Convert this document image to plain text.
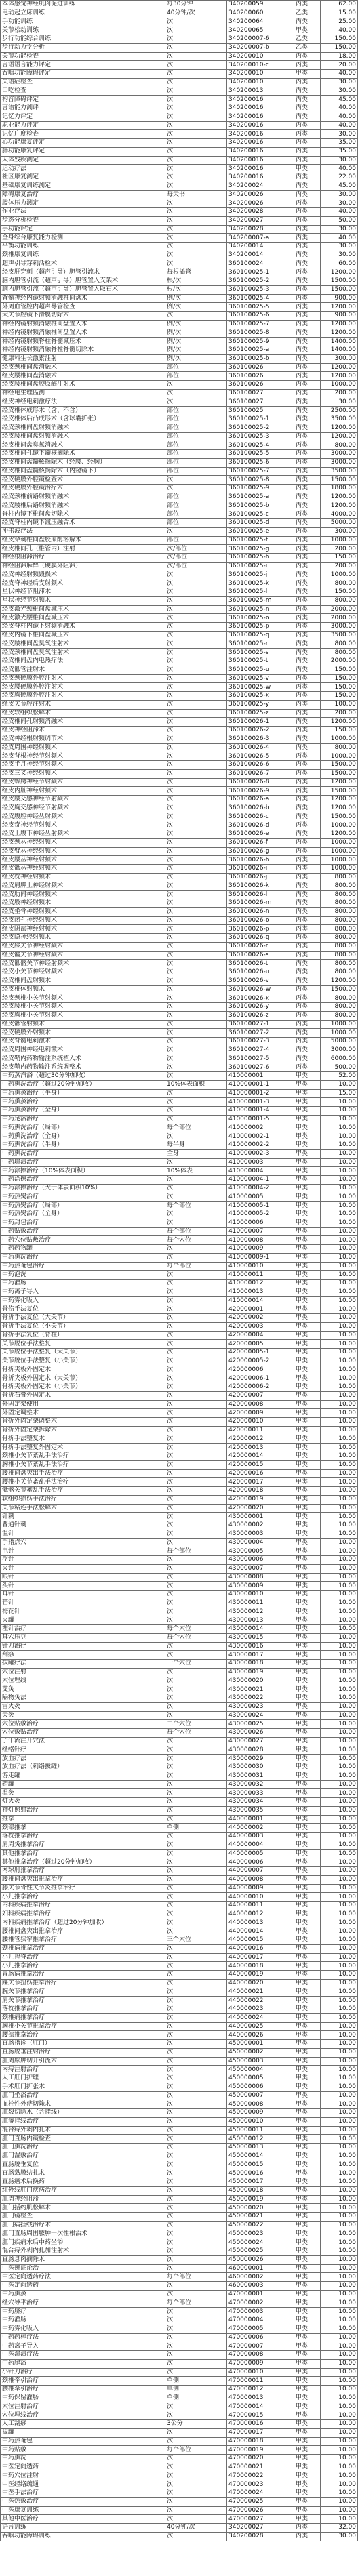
本体感觉神经肌肉促进训练	每30分钟	340200059	丙类	62.00
电动起立床训练	40分钟/次	340200060	乙类	15.00
手功能训练	次	340200064	丙类	25.00
关节松动训练	次	340200065	甲类	40.00
步行功能综合训练	次	340200007-6	乙类	150.00
步行动力学分析	次	340200007-b	乙类	150.00
关节功能检查	次	340200010	丙类	18.00
言语语言能力评定	次	340200010-c	丙类	20.00
吞咽功能障碍评定	次	340200010	甲类	40.00
失语症检查	次	340200010	丙类	30.00
口吃检查	次	340200013	丙类	30.00
构音障碍评定	次	340200016	丙类	45.00
言语能力测评	次	340200016	丙类	40.00
记忆力评定	次	340200016	丙类	40.00
职业能力评定	次	340200016	丙类	40.00
记忆广度检查	次	340200016	丙类	30.00
心功能康复评定	次	340200016	丙类	35.00
肺功能康复评定	次	340200016	丙类	35.00
人体残疾测定	次	340200016	丙类	30.00
运动疗法	次	340200016	甲类	40.00
社区康复测定	次	340200016	丙类	22.00
基础康复训练测定	次	340200024	丙类	45.00
障碍康复治疗	每天书	340200026	丙类	30.00
肢体压力测定	次	340200026	丙类	30.00
作业疗法	次	340200028	丙类	40.00
步态分析检查	次	340200027	丙类	50.00
手功能评定	次	340200028	丙类	30.00
全身综合康复能力检测	次	340200007-a	丙类	40.00
平衡功能训练	次	340200014	丙类	30.00
颈椎康复训练	次	340200014	丙类	30.00
超声引导穿刺活检术	次	360100024	丙类	60.00
经皮肝穿刺（超声引导）胆管引流术	每根插管	360100025-1	丙类	1200.00
脑内胆管引流（超声引导）胆管置入支架术	根/次	360100025-2	丙类	1500.00
脑内胆管引流（超声引导）胆管置入取石术	根/次	360100025-3	丙类	1500.00
背髓神经内镜射频消融椎间盘术	例/次	360100025-4	丙类	900.00
外周血管腔内超声导管检查	例/次	360100025-5	丙类	1200.00
大关节腔镜下滑膜切除术	次	360100025-6	丙类	900.00
神经内镜射频消融椎间盘置入术	例/次	360100025-7	丙类	1200.00
神经内镜射频消融椎间盘置入术	例/次	360100025-8	丙类	1200.00
神经内镜射频脊柱脊髓减压术	例/次	360100025-9	丙类	1400.00
神经内镜射频消融脊柱脊髓切除术	例/次	360100025-a	丙类	1400.00
健康科生长激素注射	例/次	360100025-b	丙类	300.00
经皮颈椎间盘消融术	部位	360100026	丙类	1200.00
经皮腰椎间盘消融术	部位	360100026	丙类	1200.00
经皮腰椎间盘胶原酶注射术	次	360100026	丙类	1000.00
神经电生理监测	次	360100027	丙类	200.00
经皮神经电刺激疗法	次	360100027	丙类	30.00
经皮椎体成形术（含、不含）	部位	360100025	丙类	2500.00
经皮椎体后凸成形术（含球囊扩张）	部位	360100025-1	丙类	3500.00
经皮颈椎间盘射频消融术	部位	360100025-2	丙类	1200.00
经皮腰椎间盘射频消融术	部位	360100025-3	丙类	1200.00
经皮椎间盘臭氧消融术	部位	360100025-4	丙类	800.00
经皮椎间孔镜下髓核摘除术	部位	360100025-5	丙类	3000.00
经皮椎间盘髓核摘除术（经腰、经胸）	部位	360100025-6	丙类	3000.00
经皮椎间盘髓核摘除术（内窥镜下）	部位	360100025-7	丙类	3500.00
经皮硬膜外腔镜检查术	次	360100025-8	丙类	1500.00
经皮硬膜外腔镜治疗术	次	360100025-9	丙类	1800.00
经皮颈椎前路射频消融术	部位	360100025-a	丙类	1200.00
经皮腰椎后路射频消融术	部位	360100025-b	丙类	1200.00
脊柱内镜下椎间盘切除术	部位	360100025-c	丙类	4000.00
经皮脊柱内镜下减压融合术	部位	360100025-d	丙类	5000.00
冲击波疗法	次	360100025-e	丙类	300.00
经皮穿刺椎间盘胶原酶溶解术	部位	360100025-f	丙类	1000.00
经皮椎间孔（椎管内）注射	次/部位	360100025-g	丙类	200.00
神经根阻滞治疗	次/部位	360100025-h	丙类	150.00
神经阻滞麻醉（硬膜外阻滞）	次/部位	360100025-i	丙类	200.00
经皮神经射频毁损术	次	360100025-j	丙类	1000.00
经皮脊神经后支射频术	次	360100025-k	丙类	800.00
星状神经节阻滞术	次	360100025-l	丙类	150.00
星状神经节射频术	次	360100025-m	丙类	800.00
经皮激光颈椎间盘减压术	次	360100025-n	丙类	2000.00
经皮激光腰椎间盘减压术	次	360100025-o	丙类	2000.00
经皮脊柱内镜下射频消融术	次	360100025-p	丙类	3000.00
经皮内镜下椎间盘减压术	次	360100025-q	丙类	3500.00
经皮腰椎间盘臭氧注射术	次	360100025-r	丙类	800.00
经皮颈椎间盘臭氧注射术	次	360100025-s	丙类	800.00
经皮椎间盘内电热疗法	次	360100025-t	丙类	2000.00
经皮骶管注射术	次	360100025-u	丙类	150.00
经皮颈硬膜外腔注射术	次	360100025-v	丙类	150.00
经皮腰硬膜外腔注射术	次	360100025-w	丙类	150.00
经皮胸硬膜外腔注射术	次	360100025-x	丙类	150.00
经皮关节腔注射术	次	360100025-y	丙类	100.00
经皮软组织松解术	次	360100025-z	丙类	200.00
经皮椎间孔射频消融术	次	360100026-1	丙类	1200.00
经皮神经阻滞术	次	360100026-2	丙类	150.00
经皮神经根射频调节术	次	360100026-3	丙类	1000.00
经皮周围神经射频术	次	360100026-4	丙类	800.00
经皮背根神经节射频术	次	360100026-5	丙类	1000.00
经皮半月神经节射频术	次	360100026-6	丙类	1500.00
经皮三叉神经射频术	次	360100026-7	丙类	1500.00
经皮蝶腭神经节射频术	次	360100026-8	丙类	1200.00
经皮内脏神经射频术	次	360100026-9	丙类	1500.00
经皮腰交感神经节射频术	次	360100026-a	丙类	1200.00
经皮胸交感神经节射频术	次	360100026-b	丙类	1200.00
经皮腹腔神经丛射频术	次	360100026-c	丙类	1500.00
经皮奇神经节射频术	次	360100026-d	丙类	1000.00
经皮上腹下神经丛射频术	次	360100026-e	丙类	1200.00
经皮颈丛神经射频术	次	360100026-f	丙类	1000.00
经皮臂丛神经射频术	次	360100026-g	丙类	1000.00
经皮腰丛神经射频术	次	360100026-h	丙类	1000.00
经皮骶丛神经射频术	次	360100026-i	丙类	1000.00
经皮枕神经射频术	次	360100026-j	丙类	800.00
经皮肩胛上神经射频术	次	360100026-k	丙类	800.00
经皮肋间神经射频术	次	360100026-l	丙类	800.00
经皮股神经射频术	次	360100026-m	丙类	800.00
经皮坐骨神经射频术	次	360100026-n	丙类	800.00
经皮闭孔神经射频术	次	360100026-o	丙类	800.00
经皮阴部神经射频术	次	360100026-p	丙类	800.00
经皮隐神经射频术	次	360100026-q	丙类	800.00
经皮膝关节神经射频术	次	360100026-r	丙类	800.00
经皮髋关节神经射频术	次	360100026-s	丙类	800.00
经皮骶髂关节神经射频术	次	360100026-t	丙类	800.00
经皮小关节神经射频术	次	360100026-u	丙类	800.00
经皮椎间盘射频术	次	360100026-v	丙类	1200.00
经皮椎体射频术	次	360100026-w	丙类	1500.00
经皮颈椎小关节射频术	次	360100026-x	丙类	800.00
经皮腰椎小关节射频术	次	360100026-y	丙类	800.00
经皮胸椎小关节射频术	次	360100026-z	丙类	800.00
经皮骶管射频术	次	360100027-1	丙类	1000.00
经皮硬膜外射频术	次	360100027-2	丙类	1000.00
经皮脊髓电刺激术	次	360100027-3	丙类	5000.00
经皮周围神经电刺激术	次	360100027-4	丙类	3000.00
经皮鞘内药物输注系统植入术	次	360100027-5	丙类	6000.00
经皮鞘内药物输注系统调整术	次	360100027-6	丙类	500.00
中药蒸汽浴（超过30分钟加收）	次	410000001	甲类	52.00
中药熏洗治疗（超过20分钟加收）	10%体表面积	410000001-1	甲类	10.00
中药熏蒸治疗（半身）	次	410000001-2	甲类	15.00
中药熏蒸治疗	次	410000001-3	甲类	10.00
中药熏蒸治疗（全身）	次	410000001-4	甲类	10.00
中药足浴治疗	次	410000001-5	甲类	10.00
中药熏洗治疗（局部）	每个部位	410000002	甲类	10.00
中药熏洗治疗（全身）	次	410000002-1	甲类	10.00
中药熏洗治疗（半身）	每半身	410000002-2	甲类	10.00
中药熏洗治疗	全身	410000002-3	甲类	10.00
中药塌渍治疗	次	410000003	甲类	10.00
中药涂擦治疗（10%体表面积）	10%体表	410000004	甲类	10.00
中药涂擦治疗	次	410000004-1	甲类	10.00
中药涂擦治疗（大于体表面积10%）	次	410000004-2	甲类	10.00
中药热熨治疗	次	410000005	甲类	10.00
中药热熨治疗（局部）	每个部位	410000005-1	甲类	10.00
中药热熨治疗（全身）	次	410000005-2	甲类	10.00
中药封包治疗	次	410000006	甲类	10.00
中药贴敷治疗	每个部位	410000007	甲类	10.00
中药穴位贴敷治疗	每个穴位	410000008	甲类	10.00
中药药物罐	次	410000009	甲类	10.00
中药熏洗治疗	次	410000009-1	甲类	10.00
中药热奄包治疗	每个部位	410000010	甲类	10.00
中药泡洗	次	410000011	甲类	10.00
中药灌肠	次	410000012	甲类	10.00
中药离子导入	次	410000013	甲类	10.00
中药雾化吸入	次	410000014	甲类	10.00
骨伤手法复位	次	420000001	甲类	10.00
骨折手法复位（大关节）	次	420000002	甲类	10.00
骨折手法复位（小关节）	次	420000003	甲类	10.00
骨折手法复位（脊柱）	次	420000004	甲类	10.00
关节脱位手法整复	次	420000005	甲类	10.00
关节脱位手法整复（大关节）	次	420000005-1	甲类	10.00
关节脱位手法整复（小关节）	次	420000005-2	甲类	10.00
骨折夹板外固定术	次	420000006	甲类	10.00
骨折夹板外固定术（大关节）	次	420000006-1	甲类	10.00
骨折夹板外固定术（小关节）	次	420000006-2	甲类	10.00
骨折石膏外固定术	次	420000007	甲类	10.00
外固定架使用	次	420000008	甲类	10.00
外固定调整术	次	420000009	甲类	10.00
骨折外固定架调整术	次	420000010	甲类	10.00
骨折外固定架拆除术	次	420000011	甲类	10.00
骨折手法整复术	次	420000012	甲类	10.00
骨折手法整复外固定术	次	420000013	甲类	10.00
颈椎小关节紊乱手法治疗	次	420000014	甲类	10.00
胸椎小关节紊乱手法治疗	次	420000015	甲类	10.00
腰椎间盘突出手法治疗	次	420000016	甲类	10.00
腰椎小关节紊乱手法治疗	次	420000017	甲类	10.00
骶髂关节紊乱手法治疗	次	420000018	甲类	10.00
软组织损伤手法治疗	次	420000019	甲类	10.00
关节粘连手法松解术	次	420000020	甲类	10.00
针刺	次	430000001	甲类	10.00
普通针刺	次	430000002	甲类	10.00
温针	次	430000003	甲类	10.00
手指点穴	次	430000004	甲类	10.00
电针	每个部位	430000005	甲类	10.00
浮针	次	430000006	甲类	10.00
火针	次	430000007	甲类	10.00
眼针	次	430000008	甲类	10.00
头针	次	430000009	甲类	10.00
耳针	次	430000010	甲类	10.00
芒针	次	430000011	甲类	10.00
梅花针	次	430000012	甲类	10.00
火罐	次	430000013	甲类	10.00
埋针治疗	每个穴位	430000014	甲类	10.00
耳穴压豆	每个穴位	430000015	甲类	10.00
针刀治疗	次	430000016	甲类	10.00
刮痧	次	430000017	甲类	10.00
拔罐疗法	一个穴位	430000018	甲类	10.00
穴位注射	次	430000019	甲类	10.00
穴位埋线	次	430000020	甲类	10.00
艾灸	次	430000021	甲类	10.00
隔物灸法	次	430000022	甲类	10.00
雷火灸	次	430000023	甲类	10.00
天灸	次	430000024	甲类	10.00
穴位贴敷治疗	二个穴位	430000025	甲类	10.00
穴位敷贴治疗	每个穴位	430000026	甲类	10.00
子午流注开穴法	次	430000027	甲类	10.00
经络针疗	次	430000028	甲类	10.00
放血疗法	次	430000029	甲类	10.00
放血疗法（刺络拔罐）	次	430000030	甲类	10.00
游走罐	次	430000031	甲类	10.00
药罐	次	430000032	甲类	10.00
温灸	次	430000033	甲类	10.00
灯火灸	次	430000034	甲类	10.00
神灯照射治疗	次	430000035	甲类	10.00
推拿	次	440000001	甲类	10.00
颈部推拿	单侧	440000002	甲类	10.00
落枕推拿治疗	次	440000003	甲类	10.00
肩周炎推拿治疗	次	440000004	甲类	10.00
其他推拿治疗	次	440000005	甲类	10.00
其他推拿治疗（超过20分钟加收）	次	440000006	甲类	10.00
网球肘推拿治疗	次	440000007	甲类	10.00
腰椎间盘突出推拿治疗	次	440000008	甲类	10.00
膝关节骨性关节炎推拿治疗	次	440000009	甲类	10.00
小儿推拿治疗	次	440000010	甲类	10.00
内科疾病推拿治疗	次	440000011	甲类	10.00
妇科疾病推拿治疗	次	440000012	甲类	10.00
内科疾病推拿治疗（超过20分钟加收）	次	440000013	甲类	10.00
腰椎间盘突出推拿治疗	次	440000014	甲类	10.00
腰椎管狭窄推拿治疗	三个穴位	440000015	甲类	10.00
颈椎病推拿治疗	次	440000016	甲类	10.00
小儿捏脊治疗	次	440000017	甲类	10.00
小儿推拿治疗	次	440000018	甲类	10.00
胃肠病推拿治疗	次	440000019	甲类	10.00
踝关节扭伤推拿治疗	次	440000020	甲类	10.00
腕关节推拿治疗	次	440000021	甲类	10.00
肩关节推拿治疗	次	440000022	甲类	10.00
落枕推拿治疗	次	440000023	甲类	10.00
颈椎病推拿治疗	次	440000024	甲类	10.00
胸椎小关节推拿治疗	次	440000025	甲类	10.00
腰部推拿治疗	次	440000026	甲类	10.00
直肠指诊（肛门）	次	450000001	甲类	10.00
直肠脱垂注射治疗	次	450000002	甲类	10.00
肛周脓肿切开引流术	次	450000003	甲类	10.00
内痔注射治疗	次	450000004	甲类	10.00
人工肛门护理	次	450000005	甲类	10.00
手术肛门扩张术	次	450000006	甲类	10.00
肛门坐浴治疗	次	450000007	甲类	10.00
血栓性外痔切除术	次	450000008	甲类	10.00
肛裂切除术（含挂线）	次	450000009	甲类	10.00
肛瘘挂线治疗	次	450000010	甲类	10.00
混合痔外剥内扎术	次	450000011	甲类	10.00
肛门直肠内镜检查	次	450000012	甲类	10.00
肛门熏洗治疗	次	450000013	甲类	10.00
肛门湿敷治疗	次	450000014	甲类	10.00
直肠脱垂复位	次	450000015	甲类	10.00
直肠黏膜结扎术	次	450000016	甲类	10.00
直肠癌术后换药	次	450000017	甲类	10.00
红外线肛门疾病治疗	次	450000018	甲类	10.00
肛周神经阻滞	次	450000019	甲类	10.00
肛门括约肌松解术	次	450000020	甲类	10.00
肛门镜检查	次	450000021	甲类	10.00
肛门病挂线治疗术	次	450000022	甲类	10.00
肛门直肠周围脓肿一次性根治术	次	450000023	甲类	10.00
肛门疾病术后中药坐浴	次	450000024	甲类	10.00
混合痔外剥内扎加注射术	次	450000025	甲类	10.00
直肠息肉摘除术	次	450000026	甲类	10.00
中医辨证论治	次	460000001	甲类	10.00
中医定向透药疗法	每个部位	460000002	甲类	10.00
中医定向透药	次	460000003	甲类	10.00
中药熏蒸	次	470000001	甲类	10.00
经穴导平治疗	每个部位	470000002	甲类	10.00
中药脐疗	次	470000003	甲类	10.00
中药灌肠	次	470000004	甲类	10.00
中药雾化吸入	次	470000005	甲类	10.00
中药药棒疗法	次	470000006	甲类	10.00
中药离子导入	次	470000007	甲类	10.00
中医溻渍疗法	次	470000008	甲类	10.00
中药腿浴	次	470000009	甲类	10.00
小针刀治疗	次	470000010	甲类	10.00
颈椎牵引治疗	单侧	470000011	甲类	10.00
腰椎牵引治疗	单侧	470000012	甲类	10.00
中药保留灌肠	单侧	470000013	甲类	10.00
穴位注射治疗	次	470000014	甲类	10.00
穴位埋线治疗	次	470000015	甲类	10.00
人工刮痧	3公分	470000016	甲类	10.00
拔罐	次	470000017	甲类	10.00
中药热奄包	次	470000018	甲类	10.00
中药贴敷	每个部位	470000019	甲类	10.00
中药熏洗	次	470000020	甲类	10.00
中医定向透药	次	470000021	甲类	10.00
中药穴位注射	次	470000022	甲类	10.00
中医经络疏通	次	470000023	甲类	10.00
中医手法治疗	次	470000024	甲类	10.00
中医热敷治疗	次	470000025	甲类	10.00
中医康复训练	次	470000026	甲类	10.00
其他中医治疗	次	470000027	甲类	10.00
语言训练	40分钟/次	340200027	丙类	32.00
吞咽功能障碍训练	次	340200028	丙类	30.00
